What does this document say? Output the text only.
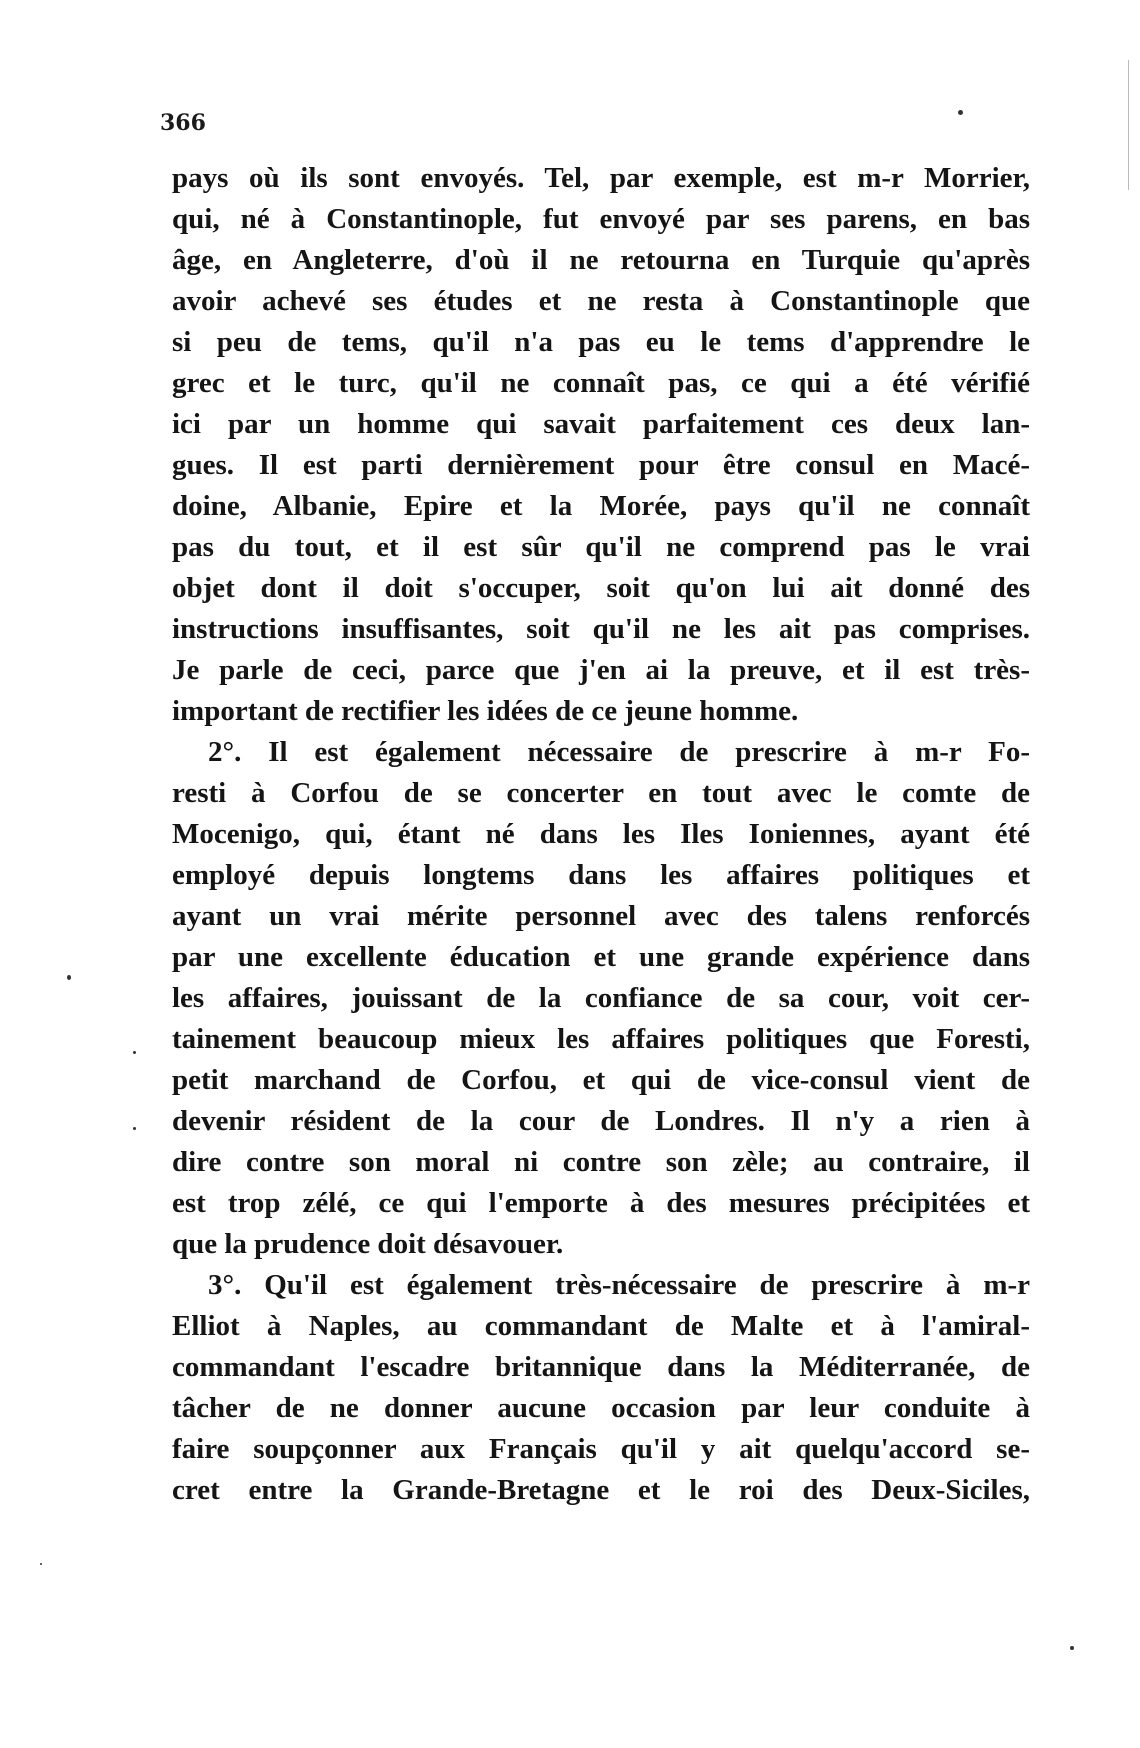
366
pays où ils sont envoyés. Tel, par exemple, est m-r Morrier,
qui, né à Constantinople, fut envoyé par ses parens, en bas
âge, en Angleterre, d'où il ne retourna en Turquie qu'après
avoir achevé ses études et ne resta à Constantinople que
si peu de tems, qu'il n'a pas eu le tems d'apprendre le
grec et le turc, qu'il ne connaît pas, ce qui a été vérifié
ici par un homme qui savait parfaitement ces deux lan-
gues. Il est parti dernièrement pour être consul en Macé-
doine, Albanie, Epire et la Morée, pays qu'il ne connaît
pas du tout, et il est sûr qu'il ne comprend pas le vrai
objet dont il doit s'occuper, soit qu'on lui ait donné des
instructions insuffisantes, soit qu'il ne les ait pas comprises.
Je parle de ceci, parce que j'en ai la preuve, et il est très-
important de rectifier les idées de ce jeune homme.
2°. Il est également nécessaire de prescrire à m-r Fo-
resti à Corfou de se concerter en tout avec le comte de
Mocenigo, qui, étant né dans les Iles Ioniennes, ayant été
employé depuis longtems dans les affaires politiques et
ayant un vrai mérite personnel avec des talens renforcés
par une excellente éducation et une grande expérience dans
les affaires, jouissant de la confiance de sa cour, voit cer-
tainement beaucoup mieux les affaires politiques que Foresti,
petit marchand de Corfou, et qui de vice-consul vient de
devenir résident de la cour de Londres. Il n'y a rien à
dire contre son moral ni contre son zèle; au contraire, il
est trop zélé, ce qui l'emporte à des mesures précipitées et
que la prudence doit désavouer.
3°. Qu'il est également très-nécessaire de prescrire à m-r
Elliot à Naples, au commandant de Malte et à l'amiral-
commandant l'escadre britannique dans la Méditerranée, de
tâcher de ne donner aucune occasion par leur conduite à
faire soupçonner aux Français qu'il y ait quelqu'accord se-
cret entre la Grande-Bretagne et le roi des Deux-Siciles,
